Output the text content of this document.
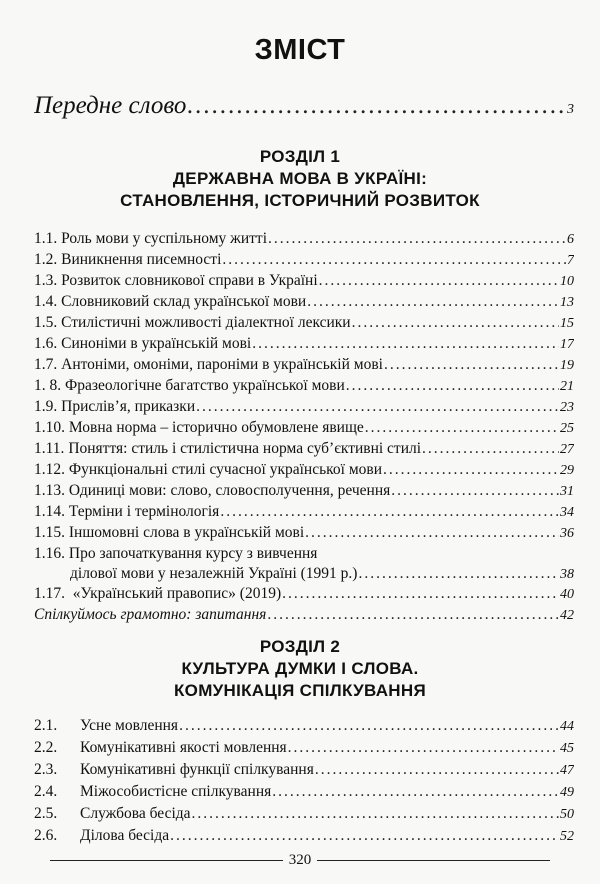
ЗМІСТ
Передне слово .....	3
РОЗДІЛ 1
ДЕРЖАВНА МОВА В УКРАЇНІ:
СТАНОВЛЕННЯ, ІСТОРИЧНИЙ РОЗВИТОК
1.1. Роль мови у суспільному житті .....	6
1.2. Виникнення писемності .....	7
1.3. Розвиток словникової справи в Україні .....	10
1.4. Словниковий склад української мови .....	13
1.5. Стилістичні можливості діалектної лексики .....	15
1.6. Синоніми в українській мові .....	17
1.7. Антоніми, омоніми, пароніми в українській мові .....	19
1. 8. Фразеологічне багатство української мови .....	21
1.9. Прислів’я, приказки .....	23
1.10. Мовна норма – історично обумовлене явище .....	25
1.11. Поняття: стиль і стилістична норма суб’єктивні стилі .....	27
1.12. Функціональні стилі сучасної української мови .....	29
1.13. Одиниці мови: слово, словосполучення, речення .....	31
1.14. Терміни і термінологія .....	34
1.15. Іншомовні слова в українській мові .....	36
1.16. Про започаткування курсу з вивчення
ділової мови у незалежній Україні (1991 р.) .....	38
1.17. «Український правопис» (2019) .....	40
Спілкуймось грамотно: запитання .....	42
РОЗДІЛ 2
КУЛЬТУРА ДУМКИ І СЛОВА.
КОМУНІКАЦІЯ СПІЛКУВАННЯ
2.1. Усне мовлення .....	44
2.2. Комунікативні якості мовлення .....	45
2.3. Комунікативні функції спілкування .....	47
2.4. Міжособистісне спілкування .....	49
2.5. Службова бесіда .....	50
2.6. Ділова бесіда .....	52
320
